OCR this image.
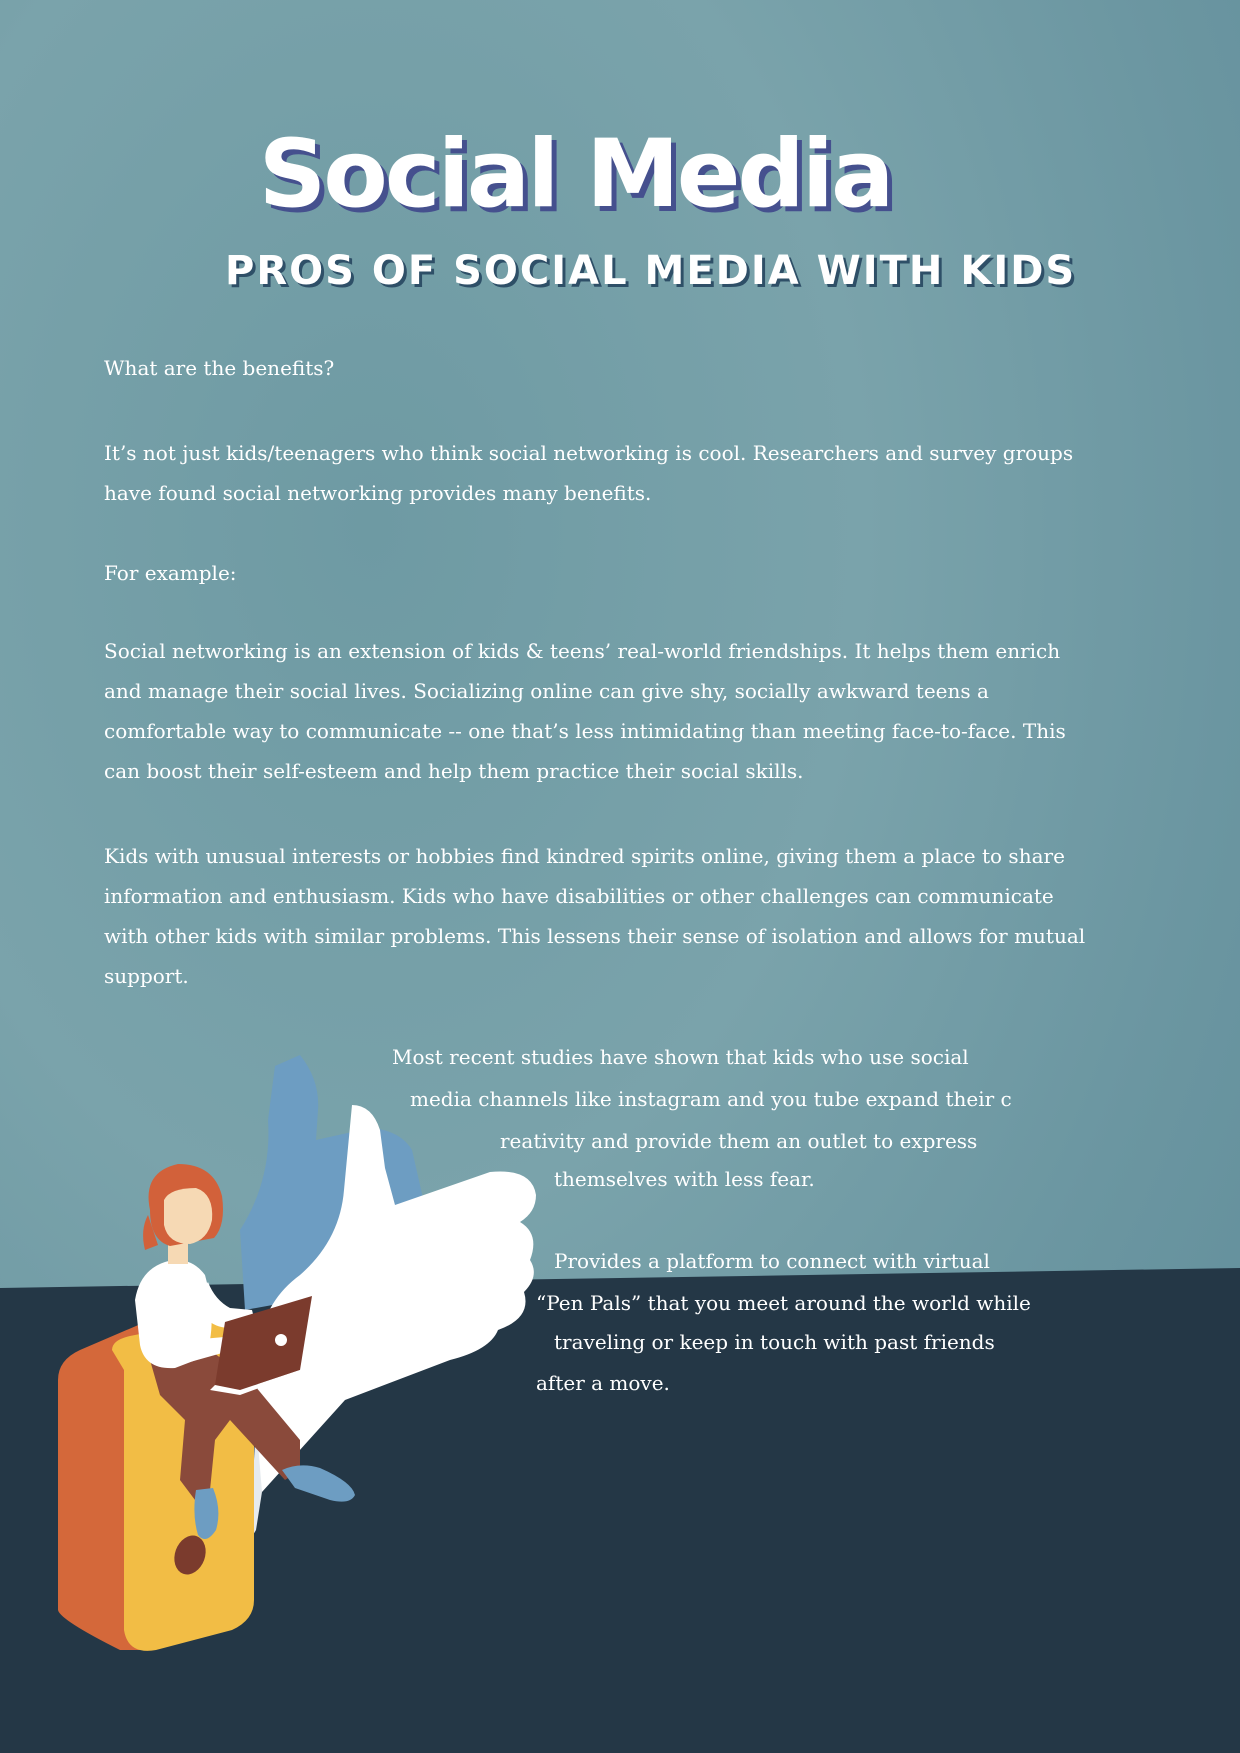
Social Media
PROS OF SOCIAL MEDIA WITH KIDS

What are the benefits?

It’s not just kids/teenagers who think social networking is cool. Researchers and survey groups have found social networking provides many benefits.

For example:

Social networking is an extension of kids & teens’ real-world friendships. It helps them enrich and manage their social lives. Socializing online can give shy, socially awkward teens a comfortable way to communicate -- one that’s less intimidating than meeting face-to-face. This can boost their self-esteem and help them practice their social skills.

Kids with unusual interests or hobbies find kindred spirits online, giving them a place to share information and enthusiasm. Kids who have disabilities or other challenges can communicate with other kids with similar problems. This lessens their sense of isolation and allows for mutual support.

Most recent studies have shown that kids who use social

media channels like instagram and you tube expand their c

reativity and provide them an outlet to express

themselves with less fear.

Provides a platform to connect with virtual

“Pen Pals” that you meet around the world while

traveling or keep in touch with past friends

after a move.
